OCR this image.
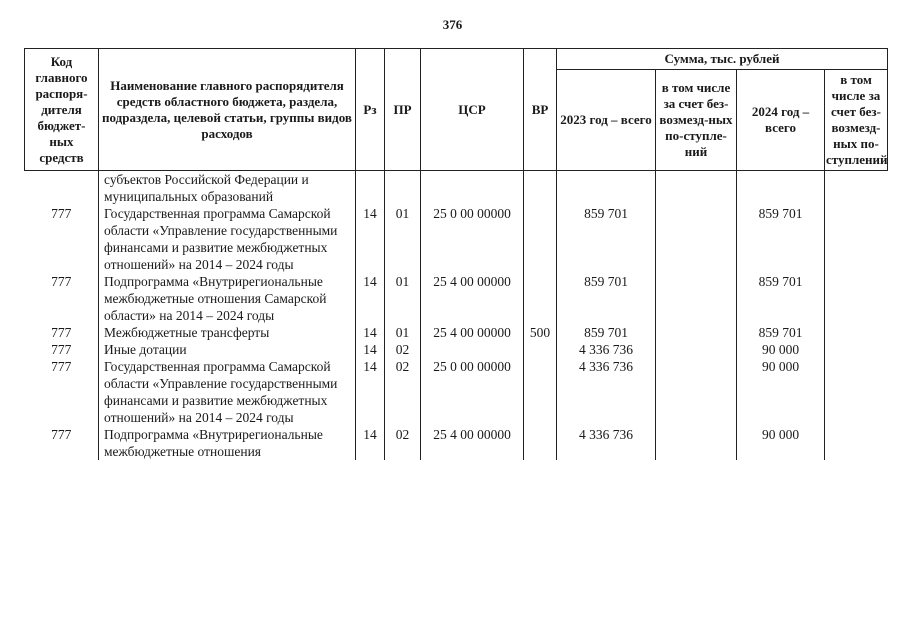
376
Код главного распоря-дителя бюджет-ных средств	Наименование главного распорядителя средств областного бюджета, раздела, подраздела, целевой статьи, группы видов расходов	Рз	ПР	ЦСР	ВР	Сумма, тыс. рублей			
						2023 год – всего	в том числе за счет без-возмезд-ных по-ступле-ний	2024 год – всего	в том числе за счет без-возмезд-ных по-ступлений
	субъектов Российской Федерации и муниципальных образований								
777	Государственная программа Самарской области «Управление государственными финансами и развитие межбюджетных отношений» на 2014 – 2024 годы	14	01	25 0 00 00000		859 701		859 701	
777	Подпрограмма «Внутрирегиональные межбюджетные отношения Самарской области» на 2014 – 2024 годы	14	01	25 4 00 00000		859 701		859 701	
777	Межбюджетные трансферты	14	01	25 4 00 00000	500	859 701		859 701	
777	Иные дотации	14	02			4 336 736		90 000	
777	Государственная программа Самарской области «Управление государственными финансами и развитие межбюджетных отношений» на 2014 – 2024 годы	14	02	25 0 00 00000		4 336 736		90 000	
777	Подпрограмма «Внутрирегиональные межбюджетные отношения	14	02	25 4 00 00000		4 336 736		90 000	
